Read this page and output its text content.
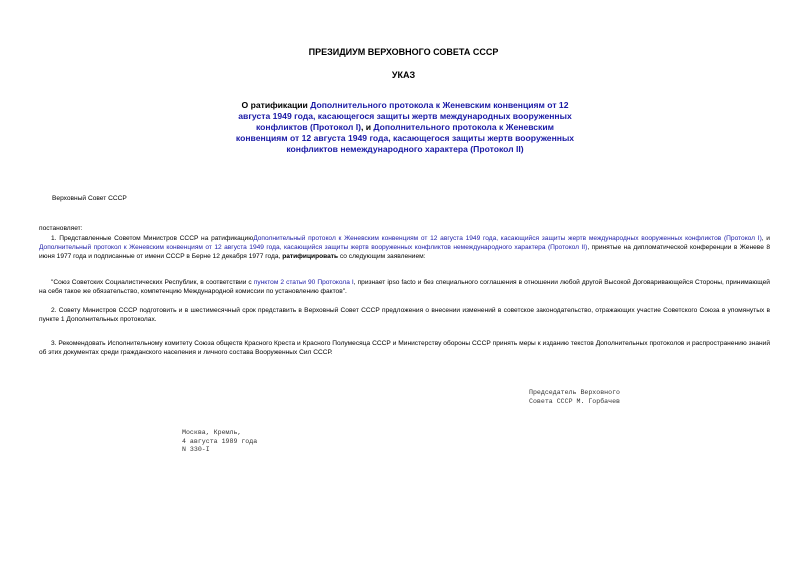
ПРЕЗИДИУМ ВЕРХОВНОГО СОВЕТА СССР
УКАЗ
О ратификации Дополнительного протокола к Женевским конвенциям от 12 августа 1949 года, касающегося защиты жертв международных вооруженных конфликтов (Протокол I), и Дополнительного протокола к Женевским конвенциям от 12 августа 1949 года, касающегося защиты жертв вооруженных конфликтов немеждународного характера (Протокол II)
Верховный Совет СССР
постановляет:
1. Представленные Советом Министров СССР на ратификациюДополнительный протокол к Женевским конвенциям от 12 августа 1949 года, касающийся защиты жертв международных вооруженных конфликтов (Протокол I), и Дополнительный протокол к Женевским конвенциям от 12 августа 1949 года, касающийся защиты жертв вооруженных конфликтов немеждународного характера (Протокол II), принятые на дипломатической конференции в Женеве 8 июня 1977 года и подписанные от имени СССР в Берне 12 декабря 1977 года, ратифицировать со следующим заявлением:
"Союз Советских Социалистических Республик, в соответствии с пунктом 2 статьи 90 Протокола I, признает ipso facto и без специального соглашения в отношении любой другой Высокой Договаривающейся Стороны, принимающей на себя такое же обязательство, компетенцию Международной комиссии по установлению фактов".
2. Совету Министров СССР подготовить и в шестимесячный срок представить в Верховный Совет СССР предложения о внесении изменений в советское законодательство, отражающих участие Советского Союза в упомянутых в пункте 1 Дополнительных протоколах.
3. Рекомендовать Исполнительному комитету Союза обществ Красного Креста и Красного Полумесяца СССР и Министерству обороны СССР принять меры к изданию текстов Дополнительных протоколов и распространению знаний об этих документах среди гражданского населения и личного состава Вооруженных Сил СССР.
Председатель Верховного
Совета СССР М. Горбачев
Москва, Кремль,
4 августа 1989 года
N 330-I
